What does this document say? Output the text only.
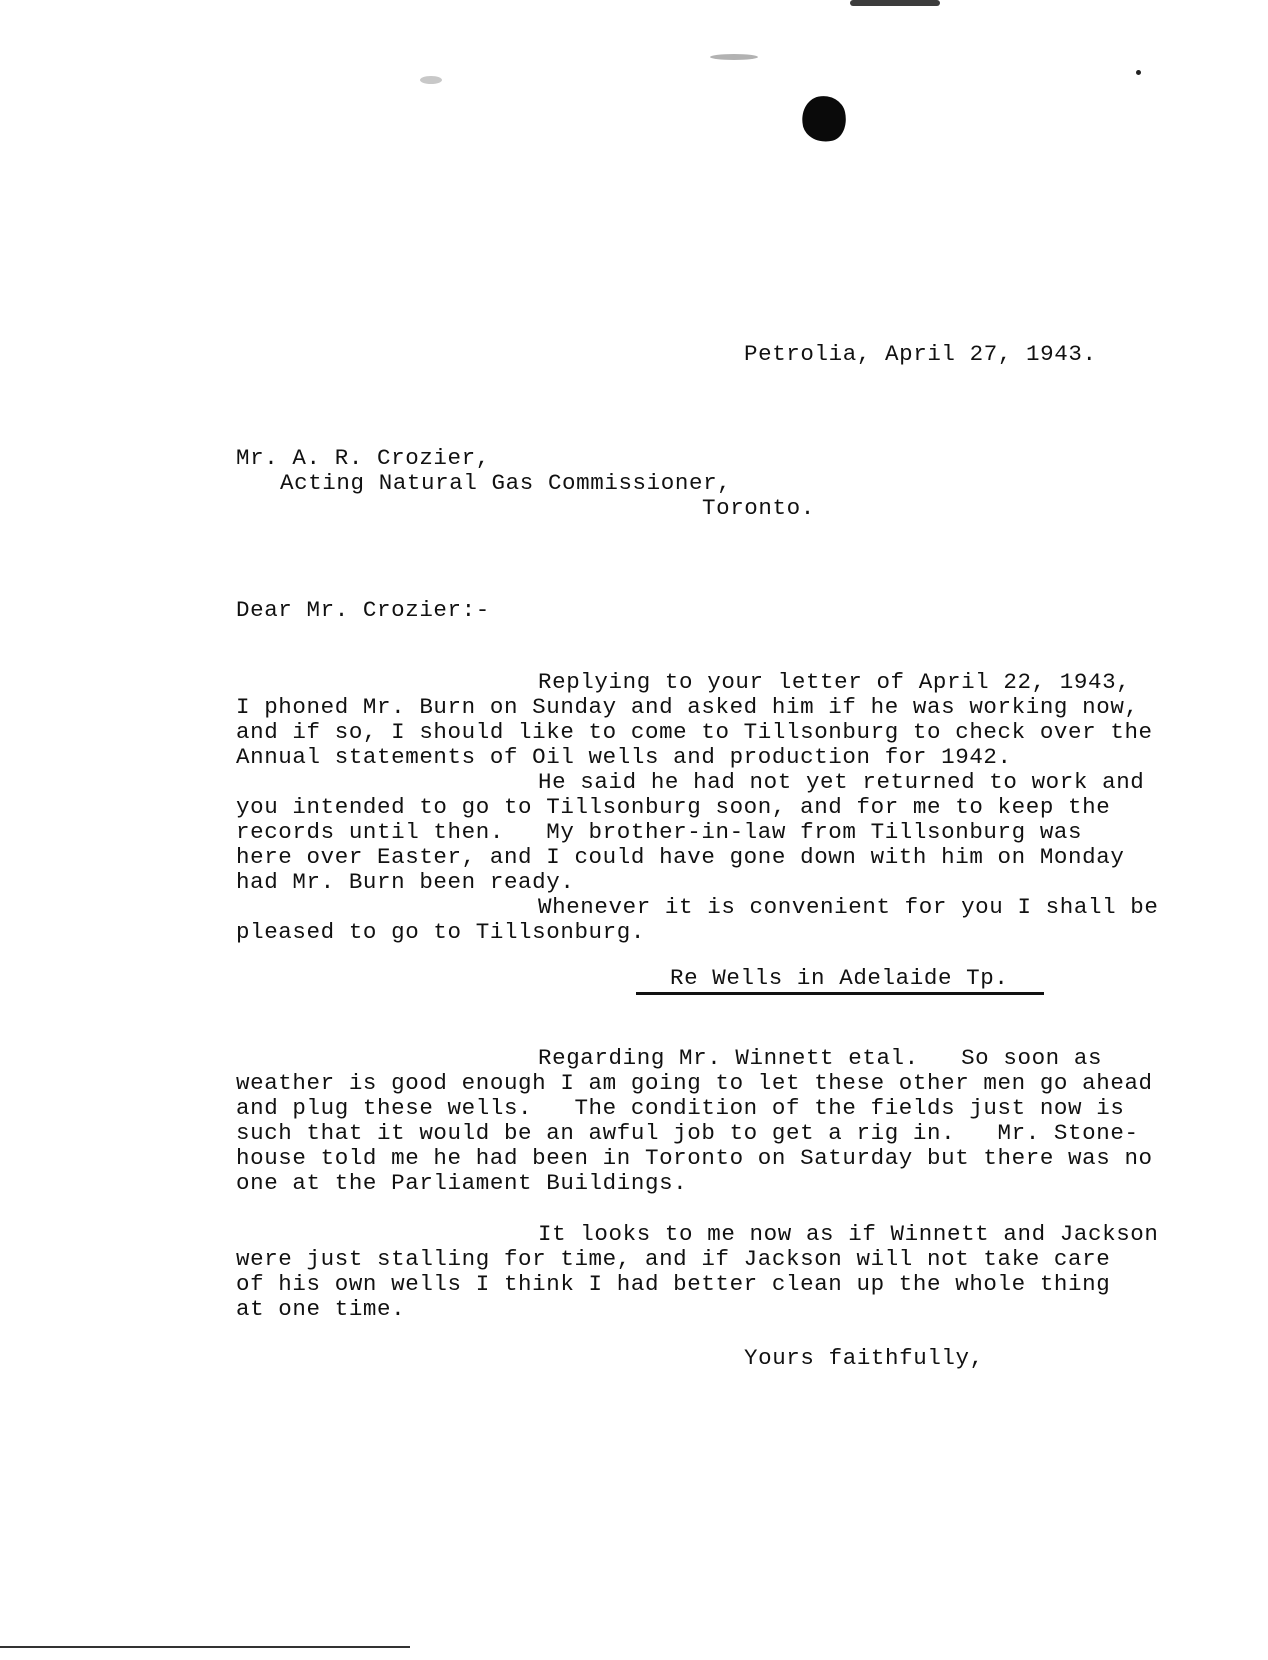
Petrolia, April 27, 1943.
Mr. A. R. Crozier,
Acting Natural Gas Commissioner,
Toronto.
Dear Mr. Crozier:-
Replying to your letter of April 22, 1943,
I phoned Mr. Burn on Sunday and asked him if he was working now,
and if so, I should like to come to Tillsonburg to check over the
Annual statements of Oil wells and production for 1942.
He said he had not yet returned to work and
you intended to go to Tillsonburg soon, and for me to keep the
records until then.   My brother-in-law from Tillsonburg was
here over Easter, and I could have gone down with him on Monday
had Mr. Burn been ready.
Whenever it is convenient for you I shall be
pleased to go to Tillsonburg.
Re Wells in Adelaide Tp.
Regarding Mr. Winnett etal.   So soon as
weather is good enough I am going to let these other men go ahead
and plug these wells.   The condition of the fields just now is
such that it would be an awful job to get a rig in.   Mr. Stone-
house told me he had been in Toronto on Saturday but there was no
one at the Parliament Buildings.
It looks to me now as if Winnett and Jackson
were just stalling for time, and if Jackson will not take care
of his own wells I think I had better clean up the whole thing
at one time.
Yours faithfully,
